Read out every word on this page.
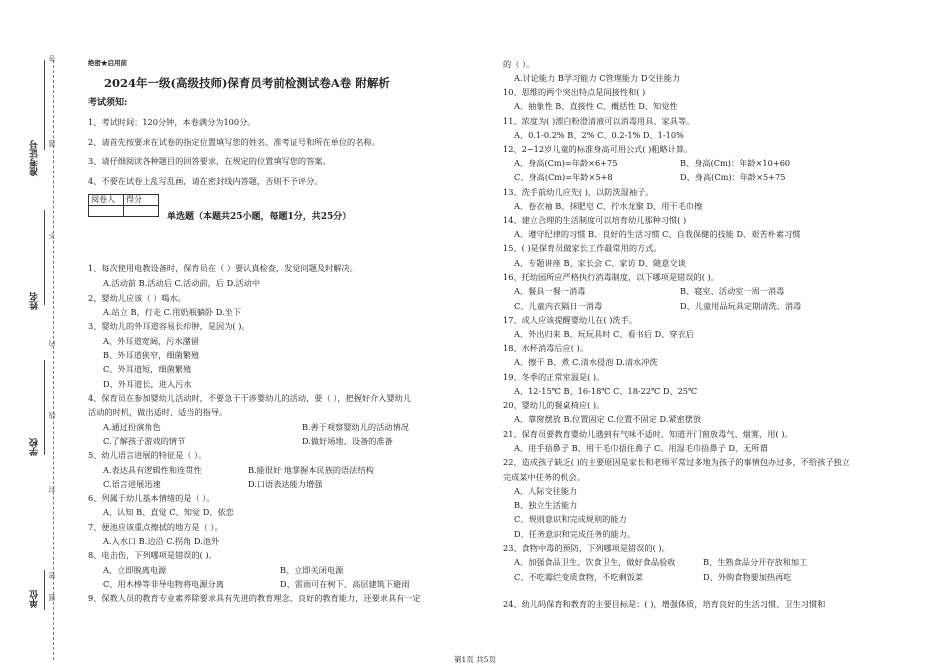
准考证号
姓名
学校
单位
答
题
不
内
线
封
密
题
绝密★启用前
2024年一级(高级技师)保育员考前检测试卷A卷 附解析
考试须知:
1、考试时间：120分钟，本卷满分为100分。
2、请首先按要求在试卷的指定位置填写您的姓名、准考证号和所在单位的名称。
3、请仔细阅读各种题目的回答要求，在规定的位置填写您的答案。
4、不要在试卷上乱写乱画，请在密封线内答题，否则不予评分。
阅卷人	得分

单选题（本题共25小题，每题1分，共25分）
1、每次使用电教设备时，保育员在（ ）要认真检查，发觉问题及时解决。
A.活动前 B.活动后 C.活动前，后 D.活动中
2、婴幼儿应该（ ）喝水。
A.站立 B，行走 C.用奶瓶躺卧 D.坐下
3、婴幼儿的外耳道容易长疖肿，是因为( )。
A、外耳道宽阔，污水潴留
B、外耳道狭窄，细菌繁殖
C、外耳道短，细菌繁殖
D、外耳道长，进入污水
4、保育员在参加婴幼儿活动时，不要急于干涉婴幼儿的活动，要（ ），把握好介入婴幼儿
活动的时机，做出适时、适当的指导。
A.通过扮演角色	B.善于观察婴幼儿的活动情况
C.了解孩子游戏的情节	D.做好场地、设备的准备
5、幼儿语言进展的特征是（ ）。
A.表达具有逻辑性和连贯性	B.能很好 地掌握本民族的语法结构
C.语言进展迅速	D.口语表达能力增强
6、列属于幼儿基本情绪的是（ ）。
A、认知 B、直觉 C、知觉 D、依恋
7、便池应该重点擦拭的地方是（ ）。
A.入水口 B.边沿 C.拐角 D.池外
8、电击伤，下列哪项是错误的( )。
A、立即脱离电源	B、立即关闭电源
C、用木棒等非导电物将电源分离	D、雷雨可在树下、高层建筑下避雨
9、保教人员的教育专业素养除要求具有先进的教育理念，良好的教育能力，还要求具有一定
的（ ）。
A.讨论能力 B学习能力 C管理能力 D交往能力
10、思维的两个突出特点是间接性和( )
A、抽象性 B、直接性 C、概括性 D、知觉性
11、浓度为( )漂白粉澄清液可以消毒用具、家具等。
A、0.1-0.2% B、2% C、0.2-1% D、1-10%
12、2~12岁儿童的标准身高可用公式( )粗略计算。
A、身高(Cm)=年龄×6+75	B、身高(Cm)：年龄×10+60
C、身高(Cm)=年龄×5+8	D、身高(Cm)：年龄×5+75
13、洗手前幼儿应先( )，以防洗湿袖子。
A、卷衣袖 B、抹肥皂 C、拧水龙聚 D、用干毛巾擦
14、建立合理的生活制度可以培育幼儿那种习惯( )
A、遵守纪律的习惯 B、良好的生活习惯 C、自我保健的技能 D、艰苦朴素习惯
15、( )是保育员做家长工作最常用的方式。
A、专题讲座 B、家长会 C、家访 D、随意交谈
16、托幼园所应严格执行消毒制度，以下哪项是错误的( )。
A、餐具一餐一消毒	B、寝室、活动室一周一消毒
C、儿童内衣隔日一消毒	D、儿童用品玩具定期清洗、消毒
17、成人应该提醒婴幼儿在( )洗手。
A、外出归来 B、玩玩具时 C、看书后 D、穿衣后
18、水杯消毒后应( )。
A、擦干 B、煮 C.清水侵泡 D.清水冲洗
19、冬季的正常室温是( )。
A、12-15℃ B、16-18℃ C、18-22℃ D、25℃
20、婴幼儿的餐桌椅应( )。
A、靠窗摆放 B.位置固定 C.位置不固定 D.紧密摆放
21、保育员要教育婴幼儿遇到有气味不适时，知道开门窗放毒气、烟雾，用( )。
A、用手捂鼻子 B、用干毛巾捂住鼻子 C、用湿毛巾捂鼻子 D、无所谓
22、造成孩子缺乏( )的主要原因是家长和老师平常过多地为孩子的事情包办过多，不给孩子独立
完成某中任务的机会。
A、人际交往能力
B、独立生活能力
C、规则意识和完成规则的能力
D、任务意识和完成任务的能力。
23、食物中毒的预防，下列哪项是错误的( )。
A、加强食品卫生、饮食卫生，做好食品验收	B、生熟食品分开存放和加工
C、不吃霉烂变质食物，不吃剩饭菜	D、外购食物要加热再吃
24、幼儿吗保育和教育的主要目标是：( )，增强体质，培育良好的生活习惯、卫生习惯和
第1页 共5页
